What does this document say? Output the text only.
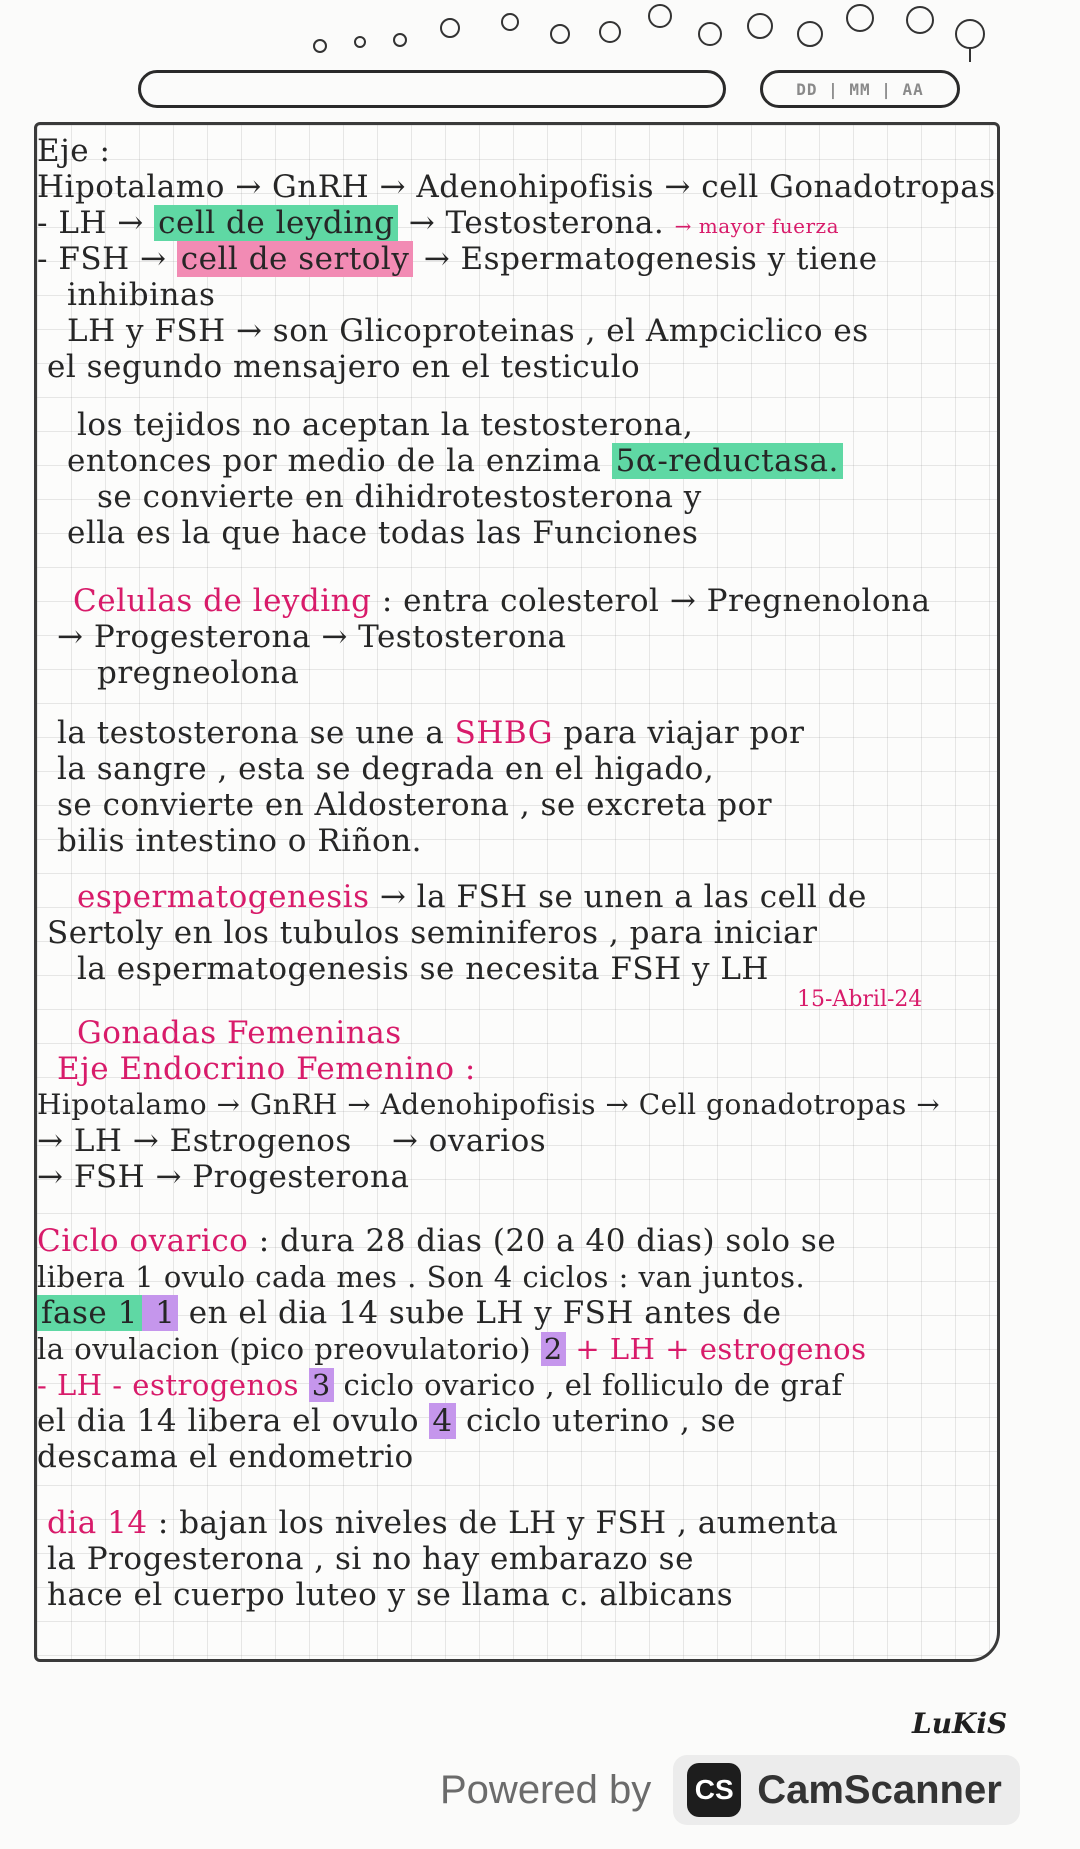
DD | MM | AA
Eje :
Hipotalamo → GnRH → Adenohipofisis → cell Gonadotropas
- LH → cell de leyding → Testosterona. → mayor fuerza
- FSH → cell de sertoly → Espermatogenesis y tiene
inhibinas
LH y FSH → son Glicoproteinas , el Ampciclico es
el segundo mensajero en el testiculo
los tejidos no aceptan la testosterona,
entonces por medio de la enzima 5α-reductasa.
se convierte en dihidrotestosterona y
ella es la que hace todas las Funciones
Celulas de leyding : entra colesterol → Pregnenolona
→ Progesterona → Testosterona
pregneolona
la testosterona se une a SHBG para viajar por
la sangre , esta se degrada en el higado,
se convierte en Aldosterona , se excreta por
bilis intestino o Riñon.
espermatogenesis → la FSH se unen a las cell de
Sertoly en los tubulos seminiferos , para iniciar
la espermatogenesis se necesita FSH y LH
15-Abril-24
Gonadas Femeninas
Eje Endocrino Femenino :
Hipotalamo → GnRH → Adenohipofisis → Cell gonadotropas →
→ LH → Estrogenos → ovarios
→ FSH → Progesterona
Ciclo ovarico : dura 28 dias (20 a 40 dias) solo se
libera 1 ovulo cada mes . Son 4 ciclos : van juntos.
fase 1 1 en el dia 14 sube LH y FSH antes de
la ovulacion (pico preovulatorio) 2 + LH + estrogenos
- LH - estrogenos 3 ciclo ovarico , el folliculo de graf
el dia 14 libera el ovulo 4 ciclo uterino , se
descama el endometrio
dia 14 : bajan los niveles de LH y FSH , aumenta
la Progesterona , si no hay embarazo se
hace el cuerpo luteo y se llama c. albicans
LuKiS
Powered by CS CamScanner
